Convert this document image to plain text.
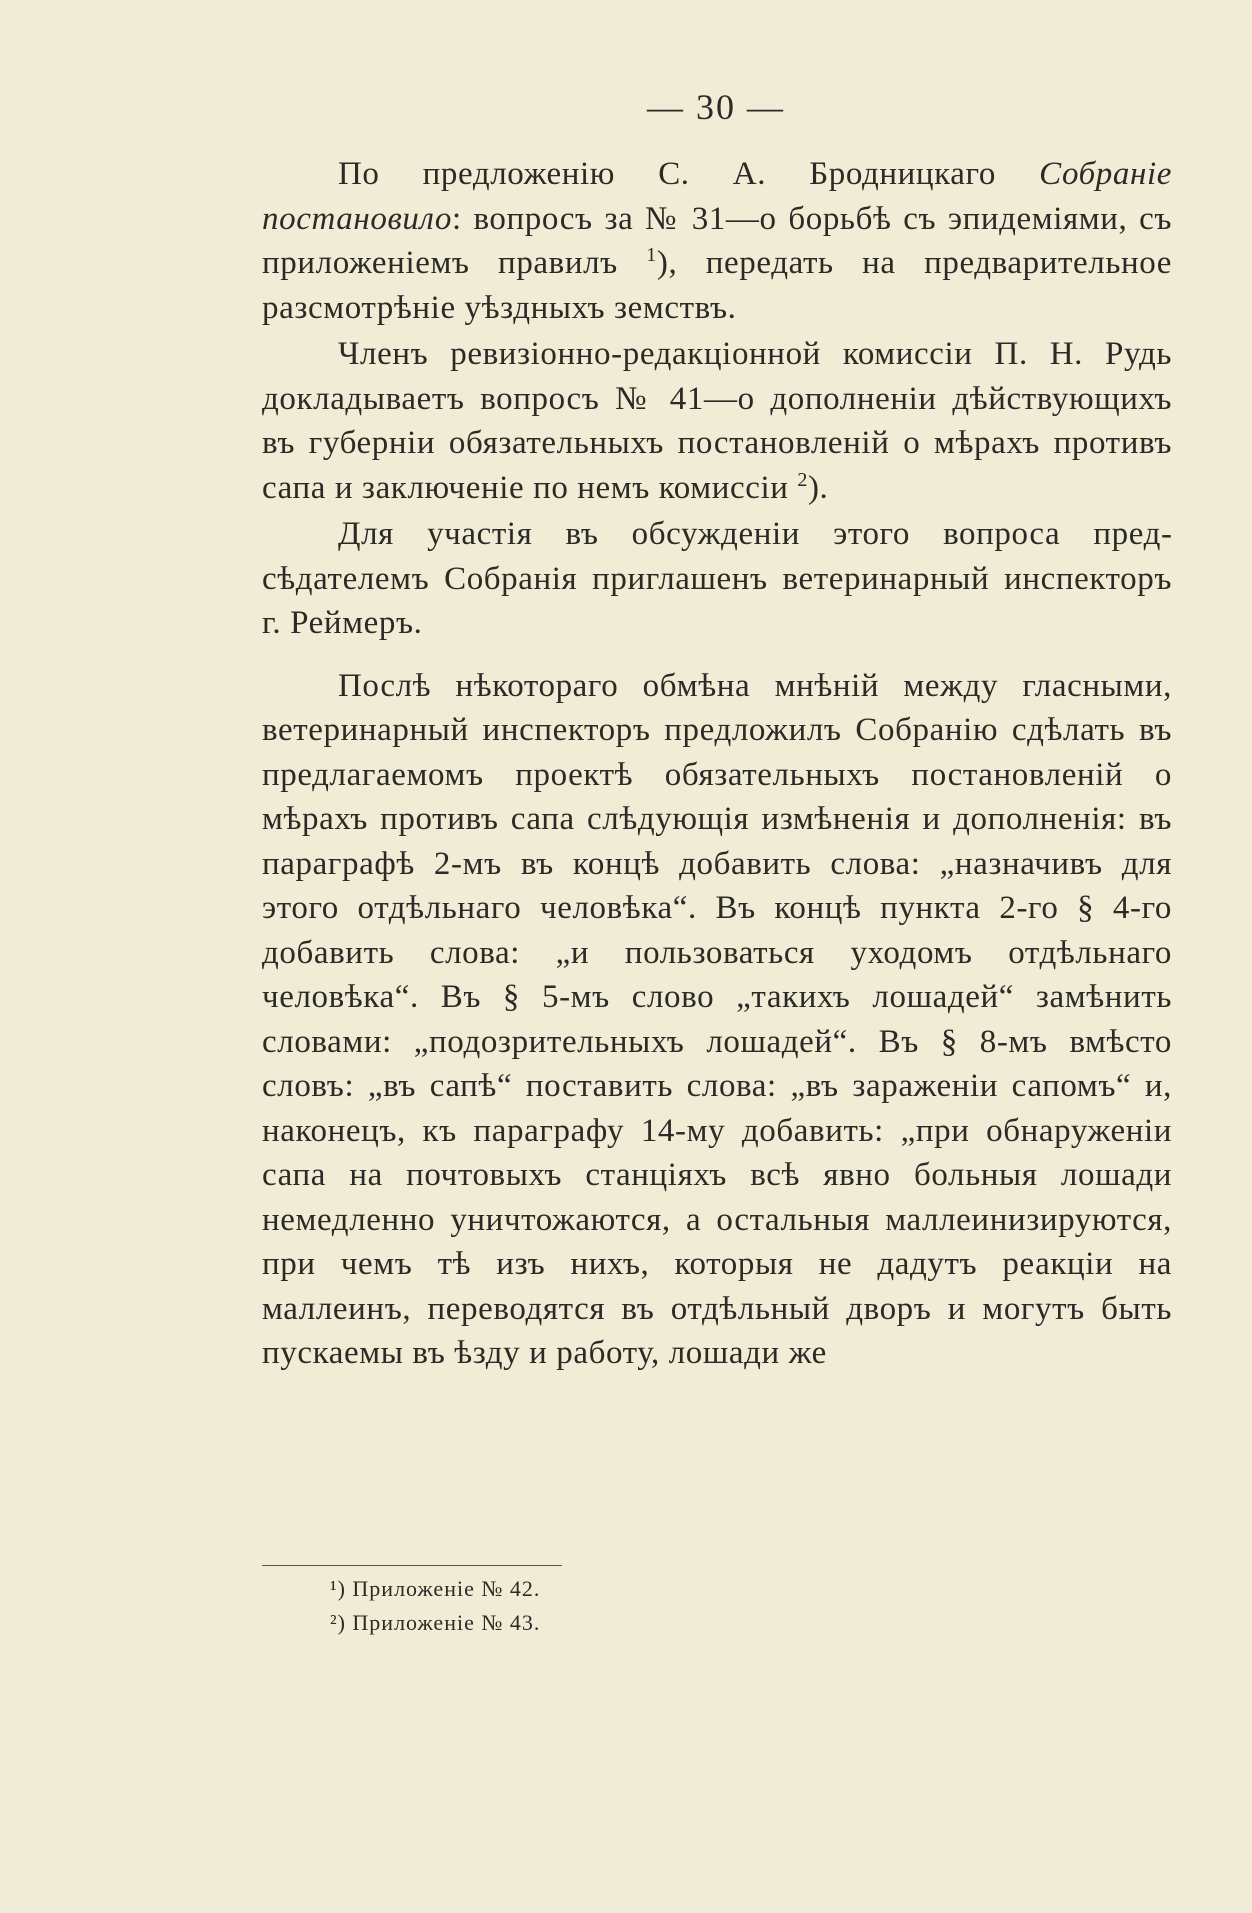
— 30 —

По предложенію С. А. Бродницкаго Собраніе постановило: вопросъ за № 31—о борьбѣ съ эпидеміями, съ приложеніемъ правилъ $^1$), передать на предварительное разсмотрѣніе уѣздныхъ земствъ.

Членъ ревизіонно-редакціонной комиссіи П. Н. Рудь докладываетъ вопросъ № 41—о дополненіи дѣйствующихъ въ губерніи обязательныхъ постановленій о мѣрахъ противъ сапа и заключеніе по немъ комиссіи $^2$).

Для участія въ обсужденіи этого вопроса предсѣдателемъ Собранія приглашенъ ветеринарный инспекторъ г. Реймеръ.

Послѣ нѣкотораго обмѣна мнѣній между гласными, ветеринарный инспекторъ предложилъ Собранію сдѣлать въ предлагаемомъ проектѣ обязательныхъ постановленій о мѣрахъ противъ сапа слѣдующія измѣненія и дополненія: въ параграфѣ 2-мъ въ концѣ добавить слова: „назначивъ для этого отдѣльнаго человѣка“. Въ концѣ пункта 2-го § 4-го добавить слова: „и пользоваться уходомъ отдѣльнаго человѣка“. Въ § 5-мъ слово „такихъ лошадей“ замѣнить словами: „подозрительныхъ лошадей“. Въ § 8-мъ вмѣсто словъ: „въ сапѣ“ поставить слова: „въ зараженіи сапомъ“ и, наконецъ, къ параграфу 14-му добавить: „при обнаруженіи сапа на почтовыхъ станціяхъ всѣ явно больныя лошади немедленно уничтожаются, а остальныя маллеинизируются, при чемъ тѣ изъ нихъ, которыя не дадутъ реакціи на маллеинъ, переводятся въ отдѣльный дворъ и могутъ быть пускаемы въ ѣзду и работу, лошади же

¹) Приложеніе № 42.

²) Приложеніе № 43.
